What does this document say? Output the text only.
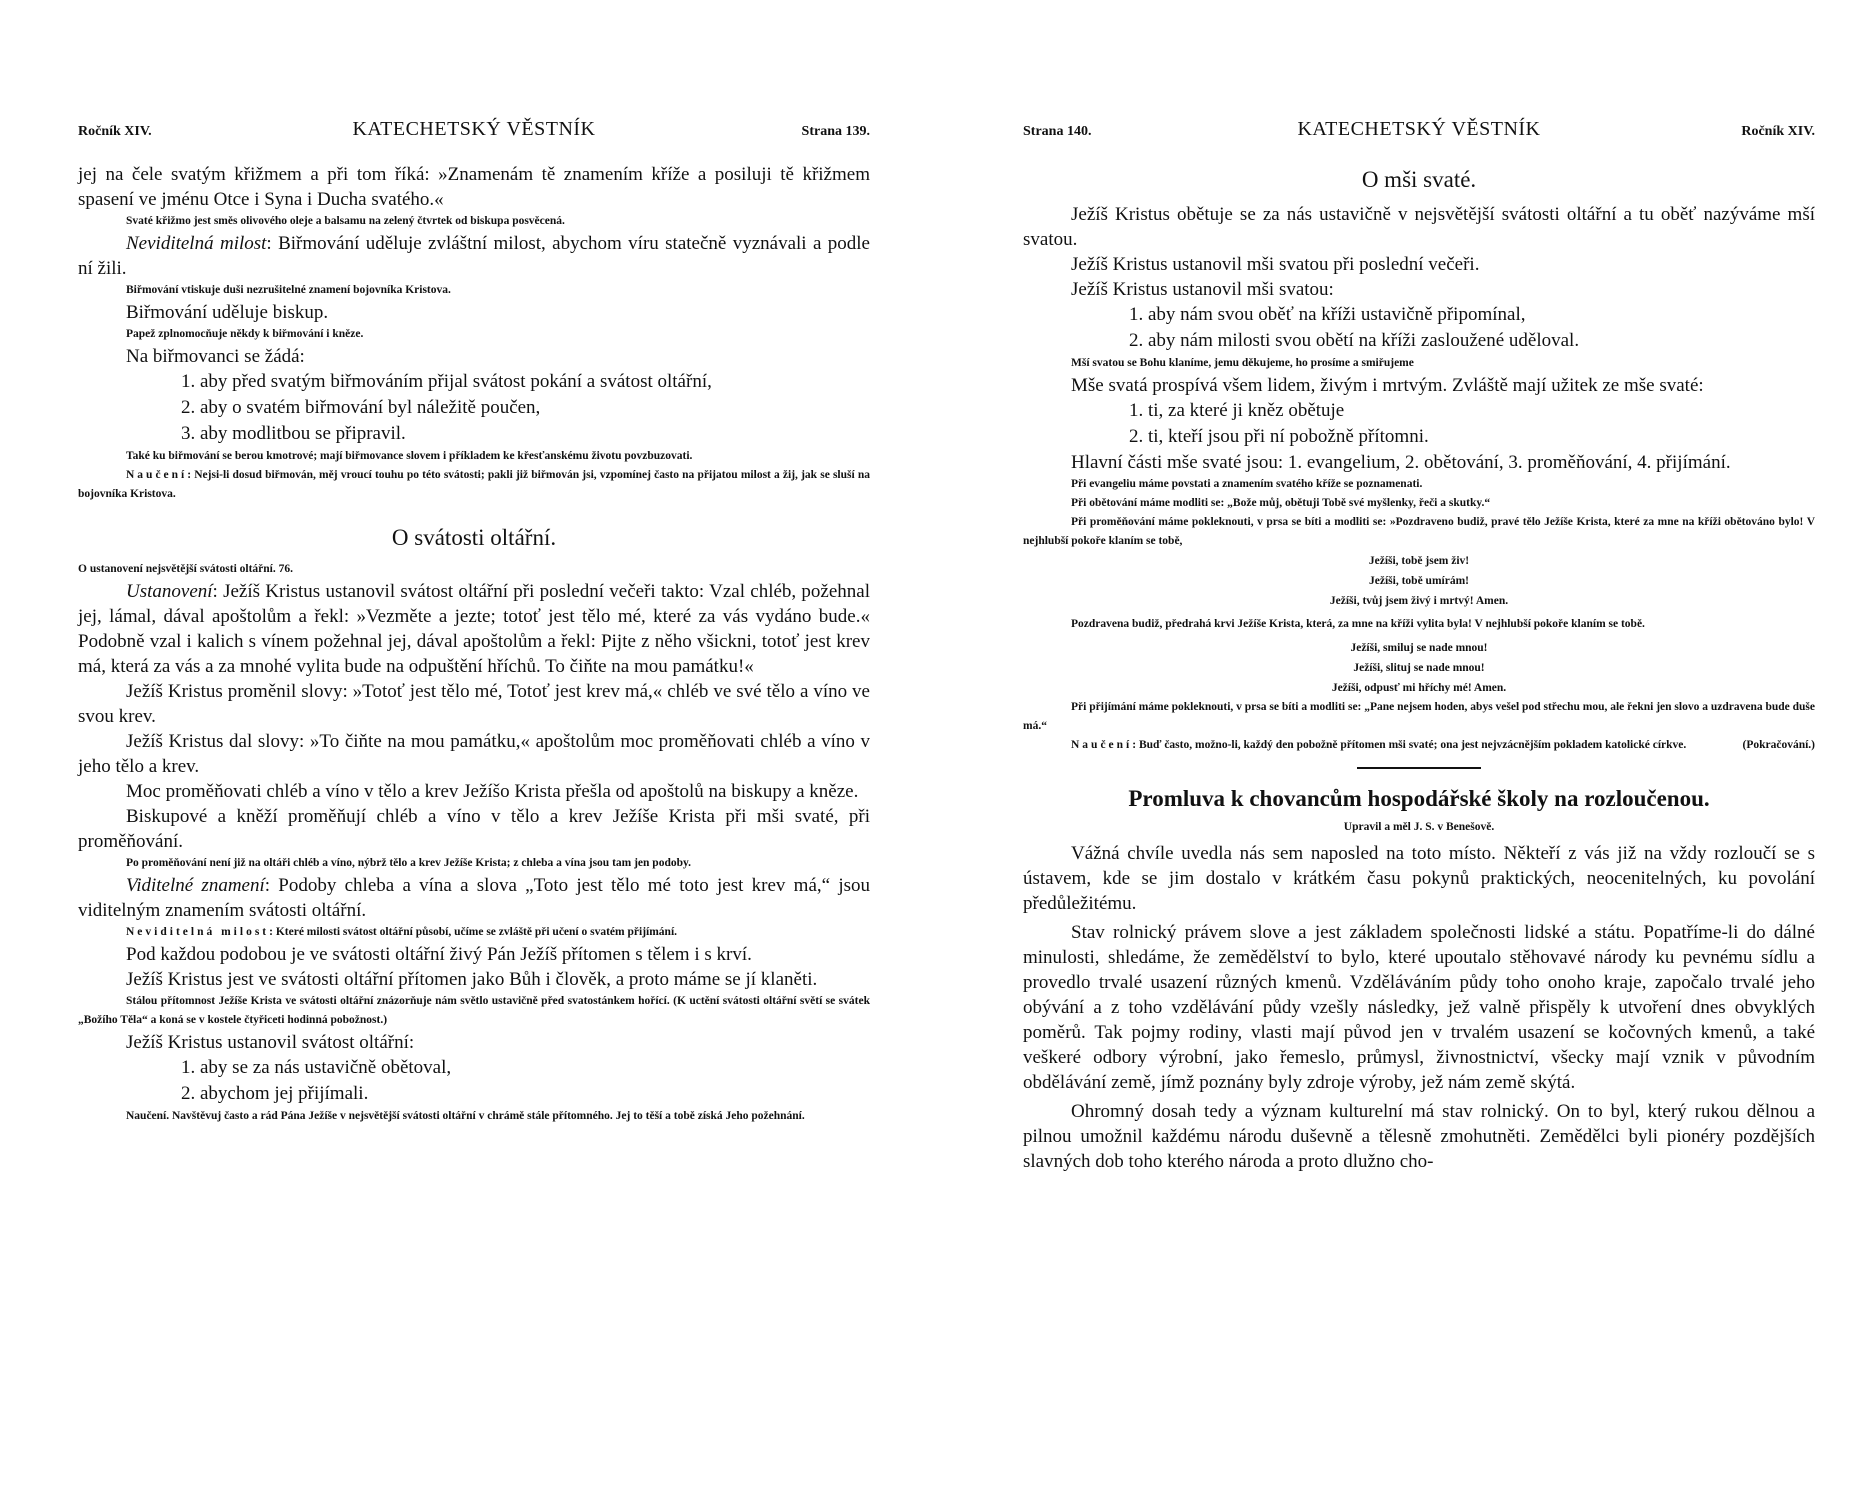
Ročník XIV.	KATECHETSKÝ VĚSTNÍK	Strana 139.

jej na čele svatým křižmem a při tom říká: »Znamenám tě znamením kříže a posiluji tě křižmem spasení ve jménu Otce i Syna i Ducha svatého.«

Svaté křižmo jest směs olivového oleje a balsamu na zelený čtvrtek od biskupa posvěcená.

Neviditelná milost: Biřmování uděluje zvláštní milost, abychom víru statečně vyznávali a podle ní žili.

Biřmování vtiskuje duši nezrušitelné znamení bojovníka Kristova.

Biřmování uděluje biskup.

Papež zplnomocňuje někdy k biřmování i kněze.

Na biřmovanci se žádá:

1. aby před svatým biřmováním přijal svátost pokání a svátost oltářní,

2. aby o svatém biřmování byl náležitě poučen,

3. aby modlitbou se připravil.

Také ku biřmování se berou kmotrové; mají biřmovance slovem i příkladem ke křesťanskému životu povzbuzovati.

Naučení: Nejsi-li dosud biřmován, měj vroucí touhu po této svátosti; pakli již biřmován jsi, vzpomínej často na přijatou milost a žij, jak se sluší na bojovníka Kristova.

O svátosti oltářní.

O ustanovení nejsvětější svátosti oltářní. 76.

Ustanovení: Ježíš Kristus ustanovil svátost oltářní při poslední večeři takto: Vzal chléb, požehnal jej, lámal, dával apoštolům a řekl: »Vezměte a jezte; totoť jest tělo mé, které za vás vydáno bude.« Podobně vzal i kalich s vínem požehnal jej, dával apoštolům a řekl: Pijte z něho všickni, totoť jest krev má, která za vás a za mnohé vylita bude na odpuštění hříchů. To čiňte na mou památku!«

Ježíš Kristus proměnil slovy: »Totoť jest tělo mé, Totoť jest krev má,« chléb ve své tělo a víno ve svou krev.

Ježíš Kristus dal slovy: »To čiňte na mou památku,« apoštolům moc proměňovati chléb a víno v jeho tělo a krev.

Moc proměňovati chléb a víno v tělo a krev Ježíšo Krista přešla od apoštolů na biskupy a kněze.

Biskupové a kněží proměňují chléb a víno v tělo a krev Ježíše Krista při mši svaté, při proměňování.

Po proměňování není již na oltáři chléb a víno, nýbrž tělo a krev Ježíše Krista; z chleba a vína jsou tam jen podoby.

Viditelné znamení: Podoby chleba a vína a slova „Toto jest tělo mé toto jest krev má,“ jsou viditelným znamením svátosti oltářní.

Neviditelná milost: Které milosti svátost oltářní působí, učíme se zvláště při učení o svatém přijímání.

Pod každou podobou je ve svátosti oltářní živý Pán Ježíš přítomen s tělem i s krví.

Ježíš Kristus jest ve svátosti oltářní přítomen jako Bůh i člověk, a proto máme se jí klaněti.

Stálou přítomnost Ježíše Krista ve svátosti oltářní znázorňuje nám světlo ustavičně před svatostánkem hořící. (K uctění svátosti oltářní světí se svátek „Božího Těla“ a koná se v kostele čtyřiceti hodinná pobožnost.)

Ježíš Kristus ustanovil svátost oltářní:

1. aby se za nás ustavičně obětoval,

2. abychom jej přijímali.

Naučení. Navštěvuj často a rád Pána Ježíše v nejsvětější svátosti oltářní v chrámě stále přítomného. Jej to těší a tobě získá Jeho požehnání.

Strana 140.	KATECHETSKÝ VĚSTNÍK	Ročník XIV.

O mši svaté.

Ježíš Kristus obětuje se za nás ustavičně v nejsvětější svátosti oltářní a tu oběť nazýváme mší svatou.

Ježíš Kristus ustanovil mši svatou při poslední večeři.

Ježíš Kristus ustanovil mši svatou:

1. aby nám svou oběť na kříži ustavičně připomínal,

2. aby nám milosti svou obětí na kříži zasloužené uděloval.

Mší svatou se Bohu klaníme, jemu děkujeme, ho prosíme a smiřujeme

Mše svatá prospívá všem lidem, živým i mrtvým. Zvláště mají užitek ze mše svaté:

1. ti, za které ji kněz obětuje

2. ti, kteří jsou při ní pobožně přítomni.

Hlavní části mše svaté jsou: 1. evangelium, 2. obětování, 3. proměňování, 4. přijímání.

Při evangeliu máme povstati a znamením svatého kříže se poznamenati.

Při obětování máme modliti se: „Bože můj, obětuji Tobě své myšlenky, řeči a skutky.“

Při proměňování máme pokleknouti, v prsa se bíti a modliti se: »Pozdraveno budiž, pravé tělo Ježíše Krista, které za mne na kříži obětováno bylo! V nejhlubší pokoře klaním se tobě,

Ježíši, tobě jsem živ!

Ježíši, tobě umírám!

Ježíši, tvůj jsem živý i mrtvý! Amen.

Pozdravena budiž, předrahá krvi Ježíše Krista, která, za mne na kříži vylita byla! V nejhlubší pokoře klaním se tobě.

Ježíši, smiluj se nade mnou!

Ježíši, slituj se nade mnou!

Ježíši, odpusť mi hříchy mé! Amen.

Při přijímání máme pokleknouti, v prsa se bíti a modliti se: „Pane nejsem hoden, abys vešel pod střechu mou, ale řekni jen slovo a uzdravena bude duše má.“

Naučení: Buď často, možno-li, každý den pobožně přítomen mši svaté; ona jest nejvzácnějším pokladem katolické církve.	(Pokračování.)

Promluva k chovancům hospodářské školy na rozloučenou.

Upravil a měl J. S. v Benešově.

Vážná chvíle uvedla nás sem naposled na toto místo. Někteří z vás již na vždy rozloučí se s ústavem, kde se jim dostalo v krátkém času pokynů praktických, neocenitelných, ku povolání předůležitému.

Stav rolnický právem slove a jest základem společnosti lidské a státu. Popatříme-li do dálné minulosti, shledáme, že zemědělství to bylo, které upoutalo stěhovavé národy ku pevnému sídlu a provedlo trvalé usazení různých kmenů. Vzděláváním půdy toho onoho kraje, započalo trvalé jeho obývání a z toho vzdělávání půdy vzešly následky, jež valně přispěly k utvoření dnes obvyklých poměrů. Tak pojmy rodiny, vlasti mají původ jen v trvalém usazení se kočovných kmenů, a také veškeré odbory výrobní, jako řemeslo, průmysl, živnostnictví, všecky mají vznik v původním obdělávání země, jímž poznány byly zdroje výroby, jež nám země skýtá.

Ohromný dosah tedy a význam kulturelní má stav rolnický. On to byl, který rukou dělnou a pilnou umožnil každému národu duševně a tělesně zmohutněti. Zemědělci byli pionéry pozdějších slavných dob toho kterého národa a proto dlužno cho-
